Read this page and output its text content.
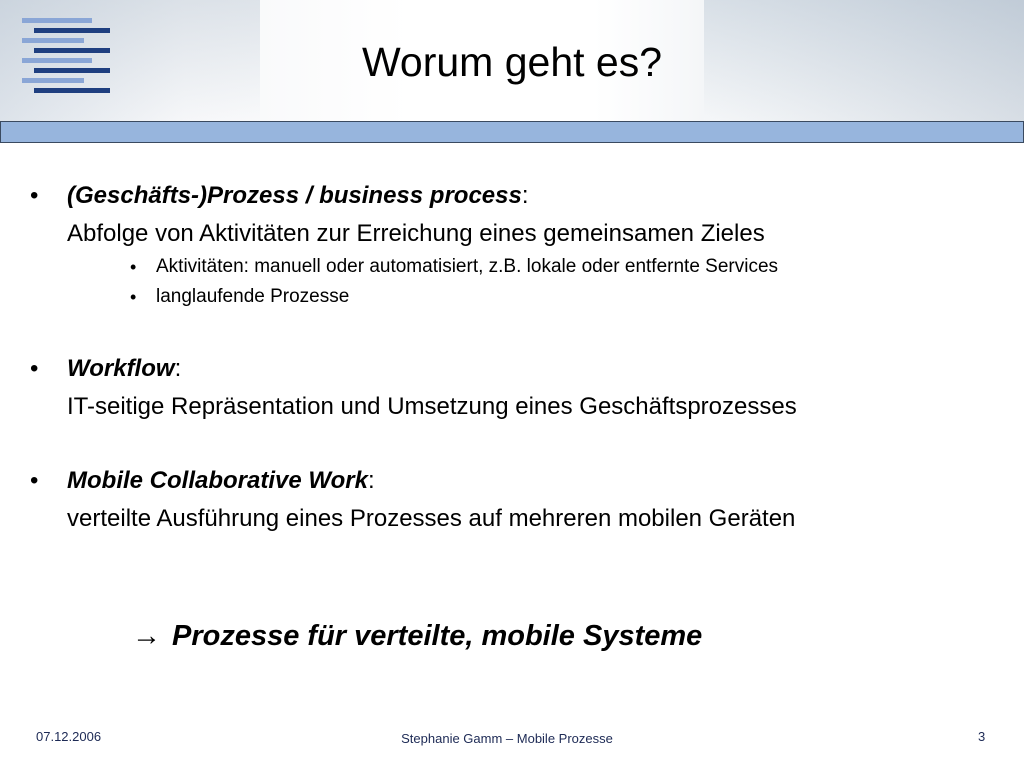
Worum geht es?
• (Geschäfts-)Prozess / business process:
Abfolge von Aktivitäten zur Erreichung eines gemeinsamen Zieles
• Aktivitäten: manuell oder automatisiert, z.B. lokale oder entfernte Services
• langlaufende Prozesse
• Workflow:
IT-seitige Repräsentation und Umsetzung eines Geschäftsprozesses
• Mobile Collaborative Work:
verteilte Ausführung eines Prozesses auf mehreren mobilen Geräten
→ Prozesse für verteilte, mobile Systeme
07.12.2006	Stephanie Gamm – Mobile Prozesse	3
